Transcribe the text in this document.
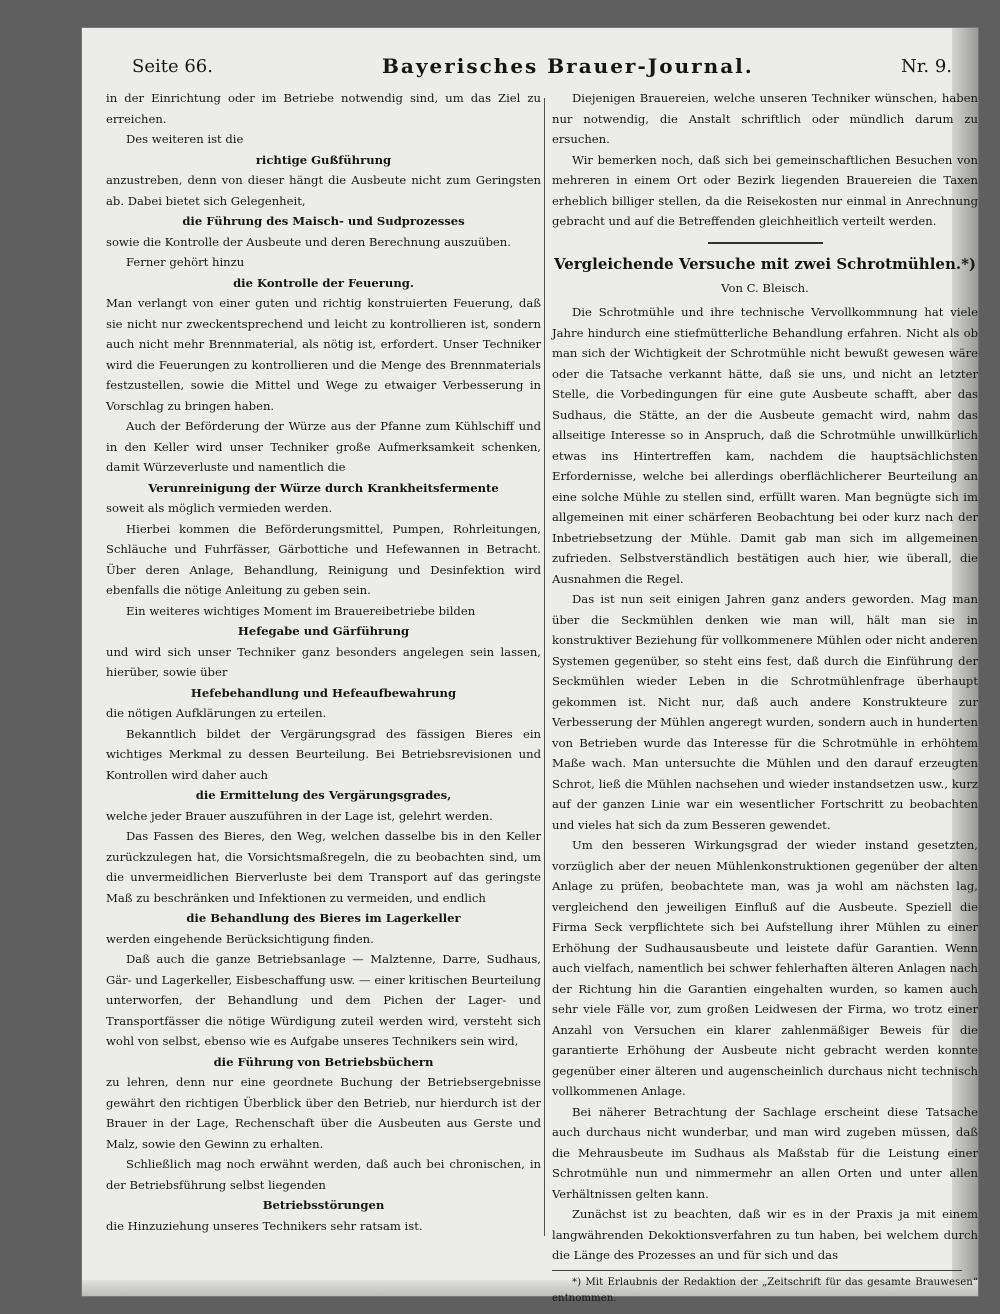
Seite 66.	Bayerisches Brauer-Journal.	Nr. 9.

in der Einrichtung oder im Betriebe notwendig sind, um das Ziel zu erreichen.

Des weiteren ist die

richtige Gußführung

anzustreben, denn von dieser hängt die Ausbeute nicht zum Geringsten ab. Dabei bietet sich Gelegenheit,

die Führung des Maisch- und Sudprozesses

sowie die Kontrolle der Ausbeute und deren Berechnung auszuüben.

Ferner gehört hinzu

die Kontrolle der Feuerung.

Man verlangt von einer guten und richtig konstruierten Feuerung, daß sie nicht nur zweckentsprechend und leicht zu kontrollieren ist, sondern auch nicht mehr Brennmaterial, als nötig ist, erfordert. Unser Techniker wird die Feuerungen zu kontrollieren und die Menge des Brennmaterials festzustellen, sowie die Mittel und Wege zu etwaiger Verbesserung in Vorschlag zu bringen haben.

Auch der Beförderung der Würze aus der Pfanne zum Kühlschiff und in den Keller wird unser Techniker große Aufmerksamkeit schenken, damit Würzeverluste und namentlich die

Verunreinigung der Würze durch Krankheitsfermente

soweit als möglich vermieden werden.

Hierbei kommen die Beförderungsmittel, Pumpen, Rohrleitungen, Schläuche und Fuhrfässer, Gärbottiche und Hefewannen in Betracht. Über deren Anlage, Behandlung, Reinigung und Desinfektion wird ebenfalls die nötige Anleitung zu geben sein.

Ein weiteres wichtiges Moment im Brauereibetriebe bilden

Hefegabe und Gärführung

und wird sich unser Techniker ganz besonders angelegen sein lassen, hierüber, sowie über

Hefebehandlung und Hefeaufbewahrung

die nötigen Aufklärungen zu erteilen.

Bekanntlich bildet der Vergärungsgrad des fässigen Bieres ein wichtiges Merkmal zu dessen Beurteilung. Bei Betriebsrevisionen und Kontrollen wird daher auch

die Ermittelung des Vergärungsgrades,

welche jeder Brauer auszuführen in der Lage ist, gelehrt werden.

Das Fassen des Bieres, den Weg, welchen dasselbe bis in den Keller zurückzulegen hat, die Vorsichtsmaßregeln, die zu beobachten sind, um die unvermeidlichen Bierverluste bei dem Transport auf das geringste Maß zu beschränken und Infektionen zu vermeiden, und endlich

die Behandlung des Bieres im Lagerkeller

werden eingehende Berücksichtigung finden.

Daß auch die ganze Betriebsanlage — Malztenne, Darre, Sudhaus, Gär- und Lagerkeller, Eisbeschaffung usw. — einer kritischen Beurteilung unterworfen, der Behandlung und dem Pichen der Lager- und Transportfässer die nötige Würdigung zuteil werden wird, versteht sich wohl von selbst, ebenso wie es Aufgabe unseres Technikers sein wird,

die Führung von Betriebsbüchern

zu lehren, denn nur eine geordnete Buchung der Betriebsergebnisse gewährt den richtigen Überblick über den Betrieb, nur hierdurch ist der Brauer in der Lage, Rechenschaft über die Ausbeuten aus Gerste und Malz, sowie den Gewinn zu erhalten.

Schließlich mag noch erwähnt werden, daß auch bei chronischen, in der Betriebsführung selbst liegenden

Betriebsstörungen

die Hinzuziehung unseres Technikers sehr ratsam ist.

Diejenigen Brauereien, welche unseren Techniker wünschen, haben nur notwendig, die Anstalt schriftlich oder mündlich darum zu ersuchen.

Wir bemerken noch, daß sich bei gemeinschaftlichen Besuchen von mehreren in einem Ort oder Bezirk liegenden Brauereien die Taxen erheblich billiger stellen, da die Reisekosten nur einmal in Anrechnung gebracht und auf die Betreffenden gleichheitlich verteilt werden.

Vergleichende Versuche mit zwei Schrotmühlen.*)

Von C. Bleisch.

Die Schrotmühle und ihre technische Vervollkommnung hat viele Jahre hindurch eine stiefmütterliche Behandlung erfahren. Nicht als ob man sich der Wichtigkeit der Schrotmühle nicht bewußt gewesen wäre oder die Tatsache verkannt hätte, daß sie uns, und nicht an letzter Stelle, die Vorbedingungen für eine gute Ausbeute schafft, aber das Sudhaus, die Stätte, an der die Ausbeute gemacht wird, nahm das allseitige Interesse so in Anspruch, daß die Schrotmühle unwillkürlich etwas ins Hintertreffen kam, nachdem die hauptsächlichsten Erfordernisse, welche bei allerdings oberflächlicherer Beurteilung an eine solche Mühle zu stellen sind, erfüllt waren. Man begnügte sich im allgemeinen mit einer schärferen Beobachtung bei oder kurz nach der Inbetriebsetzung der Mühle. Damit gab man sich im allgemeinen zufrieden. Selbstverständlich bestätigen auch hier, wie überall, die Ausnahmen die Regel.

Das ist nun seit einigen Jahren ganz anders geworden. Mag man über die Seckmühlen denken wie man will, hält man sie in konstruktiver Beziehung für vollkommenere Mühlen oder nicht anderen Systemen gegenüber, so steht eins fest, daß durch die Einführung der Seckmühlen wieder Leben in die Schrotmühlenfrage überhaupt gekommen ist. Nicht nur, daß auch andere Konstrukteure zur Verbesserung der Mühlen angeregt wurden, sondern auch in hunderten von Betrieben wurde das Interesse für die Schrotmühle in erhöhtem Maße wach. Man untersuchte die Mühlen und den darauf erzeugten Schrot, ließ die Mühlen nachsehen und wieder instandsetzen usw., kurz auf der ganzen Linie war ein wesentlicher Fortschritt zu beobachten und vieles hat sich da zum Besseren gewendet.

Um den besseren Wirkungsgrad der wieder instand gesetzten, vorzüglich aber der neuen Mühlenkonstruktionen gegenüber der alten Anlage zu prüfen, beobachtete man, was ja wohl am nächsten lag, vergleichend den jeweiligen Einfluß auf die Ausbeute. Speziell die Firma Seck verpflichtete sich bei Aufstellung ihrer Mühlen zu einer Erhöhung der Sudhausausbeute und leistete dafür Garantien. Wenn auch vielfach, namentlich bei schwer fehlerhaften älteren Anlagen nach der Richtung hin die Garantien eingehalten wurden, so kamen auch sehr viele Fälle vor, zum großen Leidwesen der Firma, wo trotz einer Anzahl von Versuchen ein klarer zahlenmäßiger Beweis für die garantierte Erhöhung der Ausbeute nicht gebracht werden konnte gegenüber einer älteren und augenscheinlich durchaus nicht technisch vollkommenen Anlage.

Bei näherer Betrachtung der Sachlage erscheint diese Tatsache auch durchaus nicht wunderbar, und man wird zugeben müssen, daß die Mehrausbeute im Sudhaus als Maßstab für die Leistung einer Schrotmühle nun und nimmermehr an allen Orten und unter allen Verhältnissen gelten kann.

Zunächst ist zu beachten, daß wir es in der Praxis ja mit einem langwährenden Dekoktionsverfahren zu tun haben, bei welchem durch die Länge des Prozesses an und für sich und das

*) Mit Erlaubnis der Redaktion der „Zeitschrift für das gesamte Brauwesen“ entnommen.
